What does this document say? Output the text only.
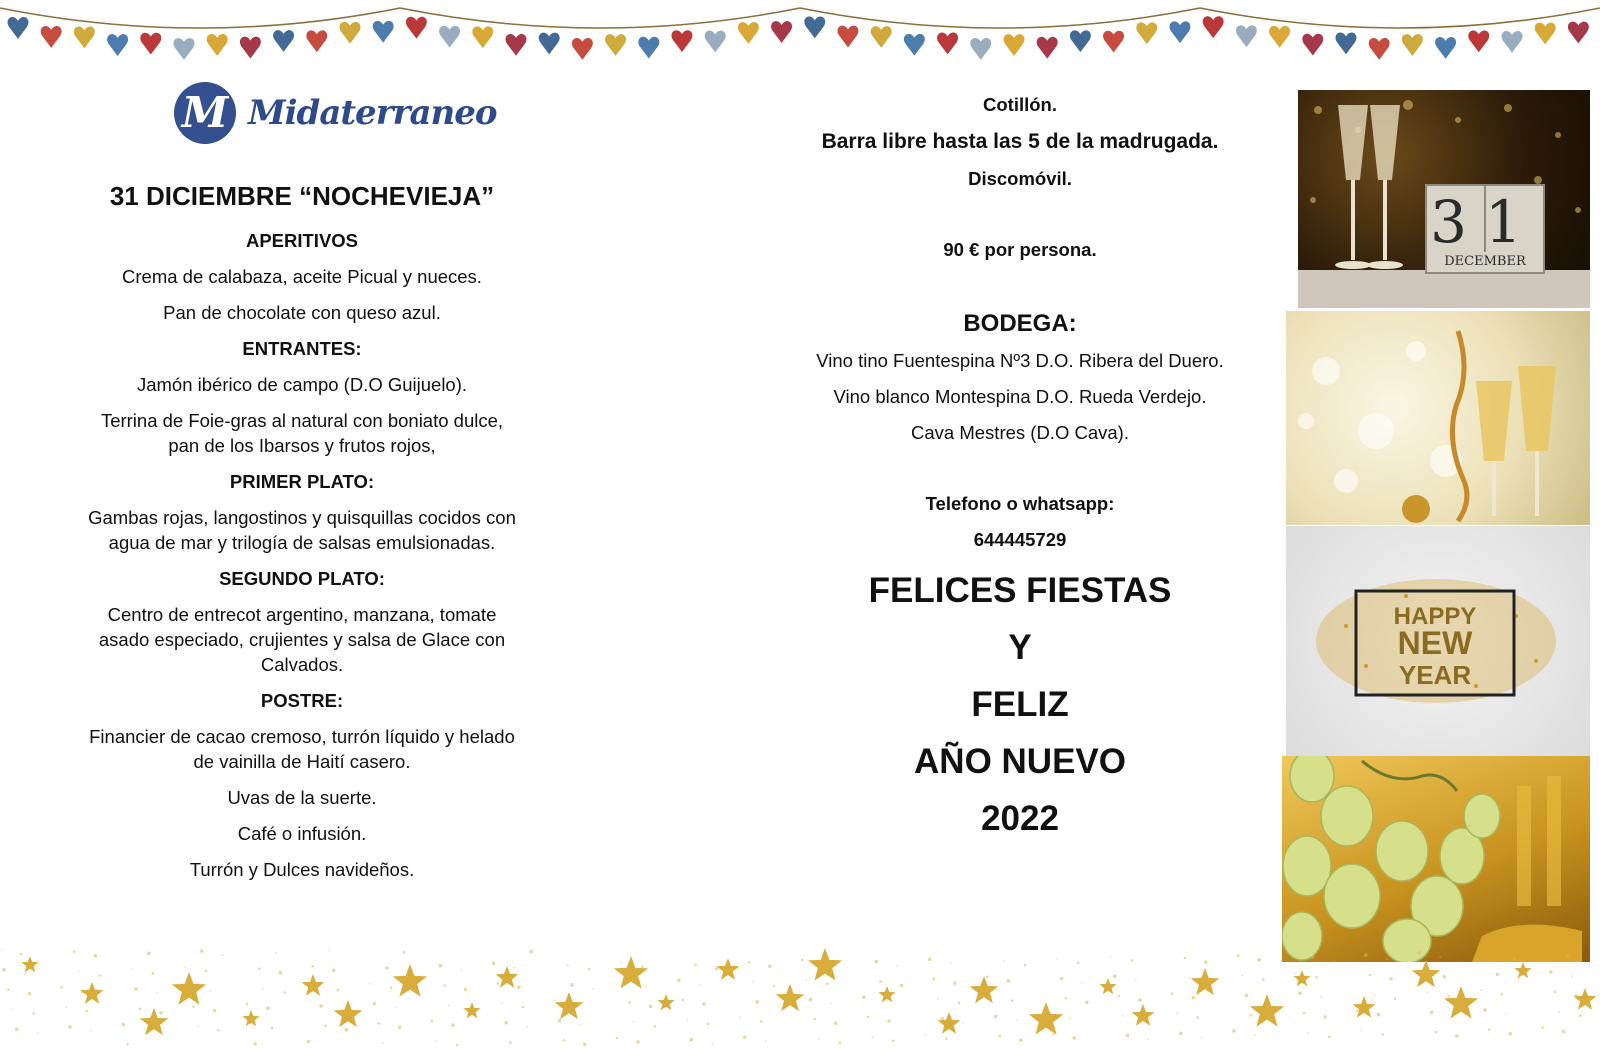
M Midaterraneo
31 DICIEMBRE “NOCHEVIEJA”

APERITIVOS

Crema de calabaza, aceite Picual y nueces.

Pan de chocolate con queso azul.

ENTRANTES:

Jamón ibérico de campo (D.O Guijuelo).

Terrina de Foie-gras al natural con boniato dulce,
pan de los Ibarsos y frutos rojos,

PRIMER PLATO:

Gambas rojas, langostinos y quisquillas cocidos con
agua de mar y trilogía de salsas emulsionadas.

SEGUNDO PLATO:

Centro de entrecot argentino, manzana, tomate
asado especiado, crujientes y salsa de Glace con
Calvados.

POSTRE:

Financier de cacao cremoso, turrón líquido y helado
de vainilla de Haití casero.

Uvas de la suerte.

Café o infusión.

Turrón y Dulces navideños.

Cotillón.

Barra libre hasta las 5 de la madrugada.

Discomóvil.

90 € por persona.

BODEGA:

Vino tino Fuentespina Nº3 D.O. Ribera del Duero.

Vino blanco Montespina D.O. Rueda Verdejo.

Cava Mestres (D.O Cava).

Telefono o whatsapp:

644445729

FELICES FIESTAS
Y
FELIZ
AÑO NUEVO
2022
31
DECEMBER
HAPPY
NEW
YEAR
